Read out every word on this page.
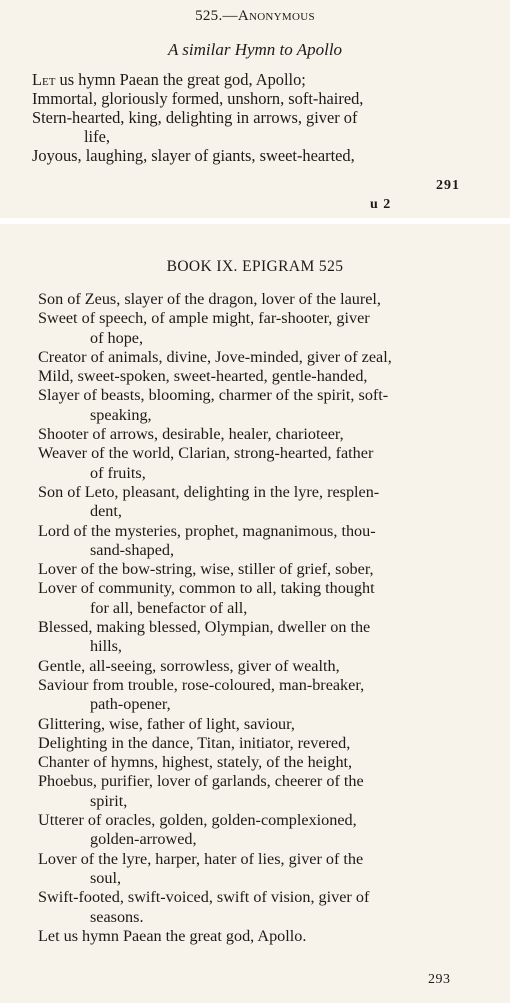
525.—Anonymous
A similar Hymn to Apollo
Let us hymn Paean the great god, Apollo;
Immortal, gloriously formed, unshorn, soft-haired,
Stern-hearted, king, delighting in arrows, giver of
life,
Joyous, laughing, slayer of giants, sweet-hearted,
291
u 2
BOOK IX. EPIGRAM 525
Son of Zeus, slayer of the dragon, lover of the laurel,
Sweet of speech, of ample might, far-shooter, giver
of hope,
Creator of animals, divine, Jove-minded, giver of zeal,
Mild, sweet-spoken, sweet-hearted, gentle-handed,
Slayer of beasts, blooming, charmer of the spirit, soft-
speaking,
Shooter of arrows, desirable, healer, charioteer,
Weaver of the world, Clarian, strong-hearted, father
of fruits,
Son of Leto, pleasant, delighting in the lyre, resplen-
dent,
Lord of the mysteries, prophet, magnanimous, thou-
sand-shaped,
Lover of the bow-string, wise, stiller of grief, sober,
Lover of community, common to all, taking thought
for all, benefactor of all,
Blessed, making blessed, Olympian, dweller on the
hills,
Gentle, all-seeing, sorrowless, giver of wealth,
Saviour from trouble, rose-coloured, man-breaker,
path-opener,
Glittering, wise, father of light, saviour,
Delighting in the dance, Titan, initiator, revered,
Chanter of hymns, highest, stately, of the height,
Phoebus, purifier, lover of garlands, cheerer of the
spirit,
Utterer of oracles, golden, golden-complexioned,
golden-arrowed,
Lover of the lyre, harper, hater of lies, giver of the
soul,
Swift-footed, swift-voiced, swift of vision, giver of
seasons.
Let us hymn Paean the great god, Apollo.
293
